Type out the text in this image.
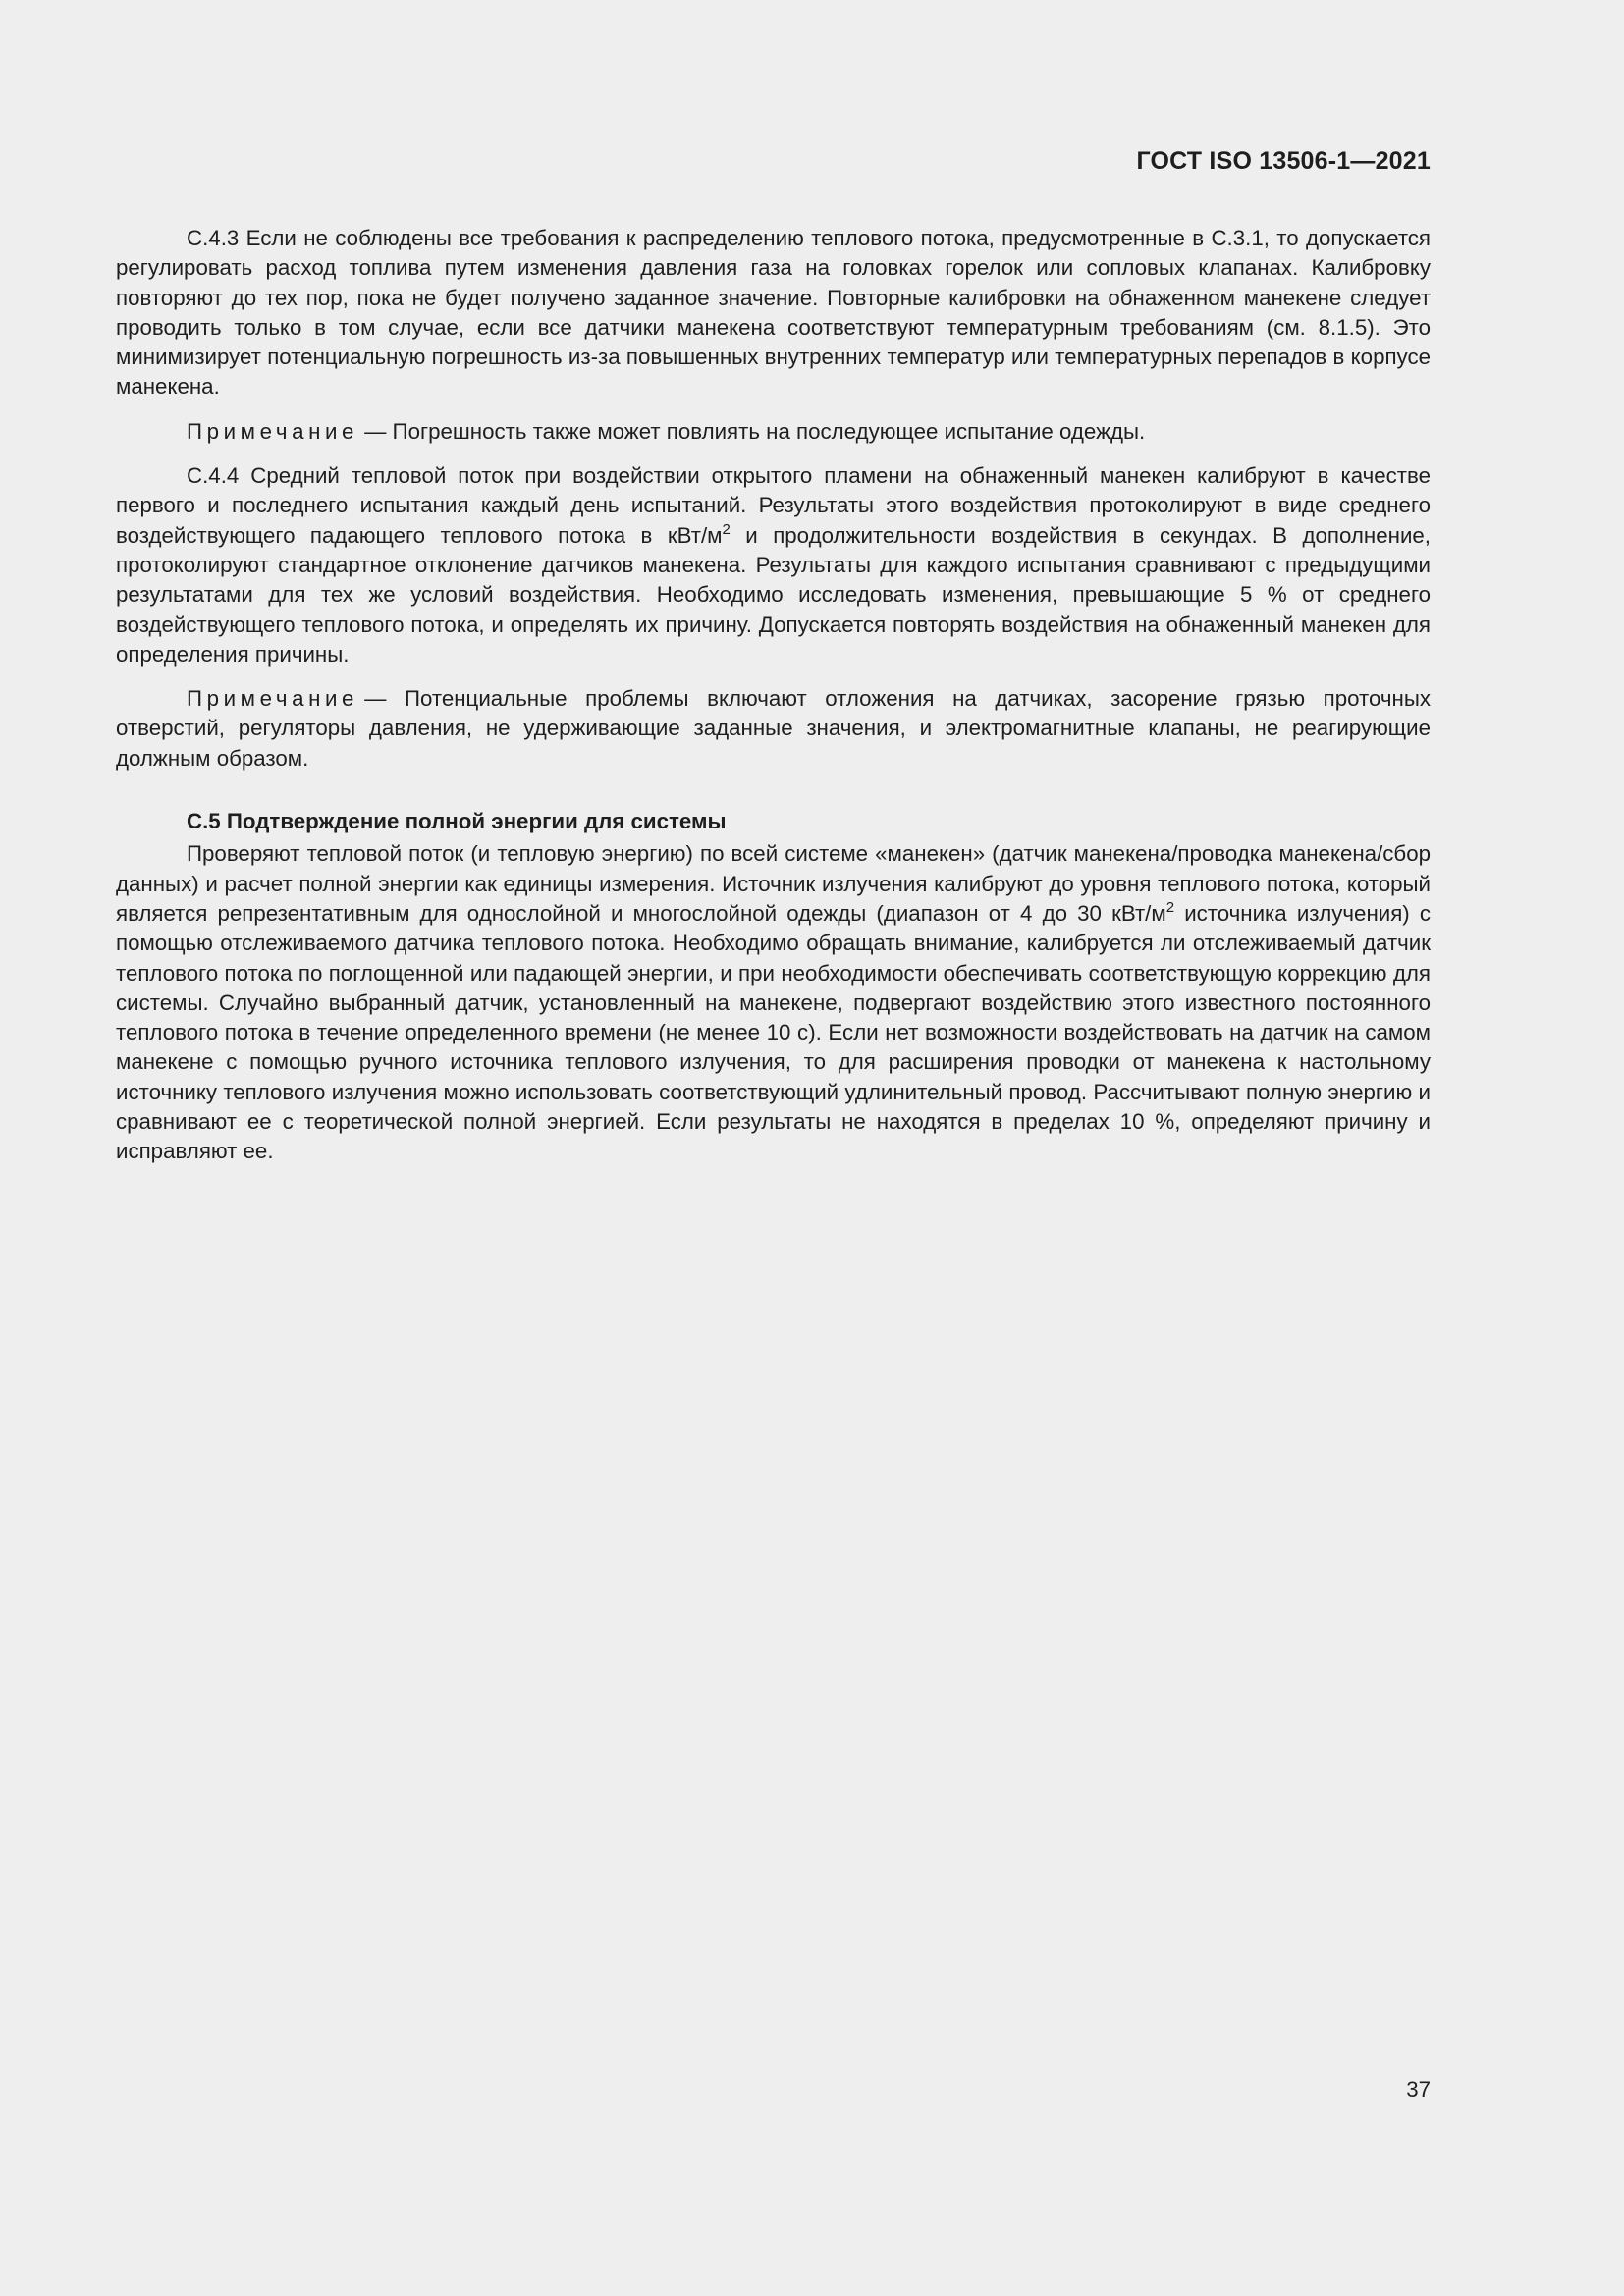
ГОСТ ISO 13506-1—2021

С.4.3 Если не соблюдены все требования к распределению теплового потока, предусмотренные в С.3.1, то допускается регулировать расход топлива путем изменения давления газа на головках горелок или сопловых клапанах. Калибровку повторяют до тех пор, пока не будет получено заданное значение. Повторные калибровки на обнаженном манекене следует проводить только в том случае, если все датчики манекена соответствуют температурным требованиям (см. 8.1.5). Это минимизирует потенциальную погрешность из-за повышенных внутренних температур или температурных перепадов в корпусе манекена.

Примечание — Погрешность также может повлиять на последующее испытание одежды.

С.4.4 Средний тепловой поток при воздействии открытого пламени на обнаженный манекен калибруют в качестве первого и последнего испытания каждый день испытаний. Результаты этого воздействия протоколируют в виде среднего воздействующего падающего теплового потока в кВт/$м^2$ и продолжительности воздействия в секундах. В дополнение, протоколируют стандартное отклонение датчиков манекена. Результаты для каждого испытания сравнивают с предыдущими результатами для тех же условий воздействия. Необходимо исследовать изменения, превышающие 5 % от среднего воздействующего теплового потока, и определять их причину. Допускается повторять воздействия на обнаженный манекен для определения причины.

Примечание — Потенциальные проблемы включают отложения на датчиках, засорение грязью проточных отверстий, регуляторы давления, не удерживающие заданные значения, и электромагнитные клапаны, не реагирующие должным образом.

С.5 Подтверждение полной энергии для системы

Проверяют тепловой поток (и тепловую энергию) по всей системе «манекен» (датчик манекена/проводка манекена/сбор данных) и расчет полной энергии как единицы измерения. Источник излучения калибруют до уровня теплового потока, который является репрезентативным для однослойной и многослойной одежды (диапазон от 4 до 30 кВт/$м^2$ источника излучения) с помощью отслеживаемого датчика теплового потока. Необходимо обращать внимание, калибруется ли отслеживаемый датчик теплового потока по поглощенной или падающей энергии, и при необходимости обеспечивать соответствующую коррекцию для системы. Случайно выбранный датчик, установленный на манекене, подвергают воздействию этого известного постоянного теплового потока в течение определенного времени (не менее 10 с). Если нет возможности воздействовать на датчик на самом манекене с помощью ручного источника теплового излучения, то для расширения проводки от манекена к настольному источнику теплового излучения можно использовать соответствующий удлинительный провод. Рассчитывают полную энергию и сравнивают ее с теоретической полной энергией. Если результаты не находятся в пределах 10 %, определяют причину и исправляют ее.

37
